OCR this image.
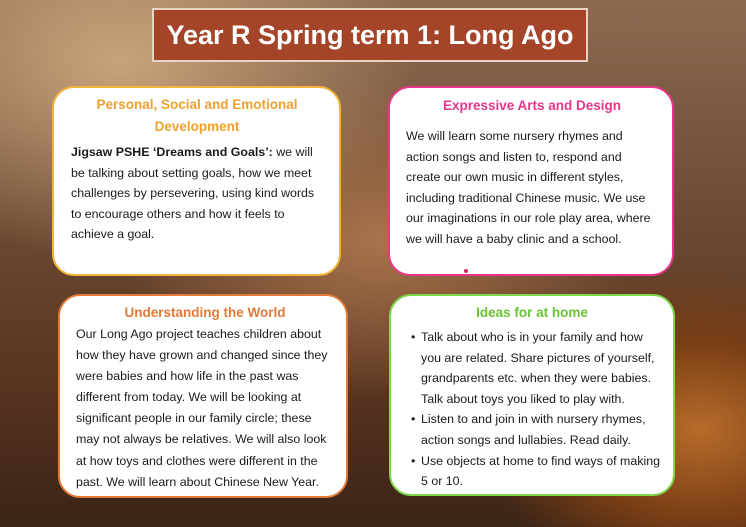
Year R Spring term 1: Long Ago
Personal, Social and Emotional Development

Jigsaw PSHE ‘Dreams and Goals’: we will be talking about setting goals, how we meet challenges by persevering, using kind words to encourage others and how it feels to achieve a goal.

Expressive Arts and Design

We will learn some nursery rhymes and action songs and listen to, respond and create our own music in different styles, including traditional Chinese music. We use our imaginations in our role play area, where we will have a baby clinic and a school.

Understanding the World

Our Long Ago project teaches children about how they have grown and changed since they were babies and how life in the past was different from today. We will be looking at significant people in our family circle; these may not always be relatives. We will also look at how toys and clothes were different in the past. We will learn about Chinese New Year.

Ideas for at home
• Talk about who is in your family and how you are related. Share pictures of yourself, grandparents etc. when they were babies. Talk about toys you liked to play with.
• Listen to and join in with nursery rhymes, action songs and lullabies. Read daily.
• Use objects at home to find ways of making 5 or 10.
